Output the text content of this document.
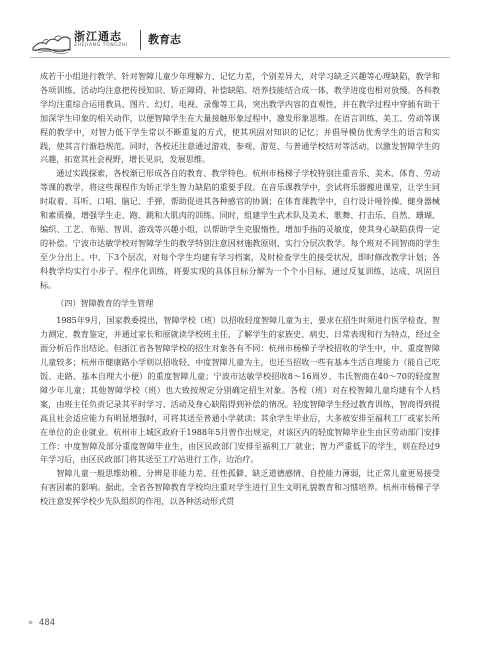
浙江通志
ZHEJIANG TONGZHI 教育志

成若干小组进行教学。针对智障儿童少年理解力、记忆力差，个别差异大，对学习缺乏兴趣等心理缺陷，教学和各项训练、活动均注意把传授知识、矫正障碍、补偿缺陷、培养技能结合成一体，教学进度也相对放慢。各科教学均注重综合运用教具、图片、幻灯、电视、录像等工具，突出教学内容的直观性，并在教学过程中穿插有助于加深学生印象的相关动作，以便智障学生在大量接触形象过程中，激发形象思维。在语言训练、美工、劳动等课程的教学中，对智力低下学生常以不断重复的方式，使其巩固对知识的记忆；并倡导模仿优秀学生的语言和实践，使其言行渐趋规范。同时，各校还注意通过游戏、参观、游览、与普通学校结对等活动，以激发智障学生的兴趣，拓宽其社会视野，增长见识，发展思维。

通过实践探索，各校渐已形成各自的教育、教学特色。杭州市杨梯子学校特别注重音乐、美术、体育、劳动等课的教学，将这些课程作为矫正学生智力缺陷的重要手段。在音乐课教学中，尝试将乐器搬进课堂，让学生同时取着、耳听、口唱、脑记、手弹，帮助促进其各种感官的协调；在体育课教学中，自行设计哑铃操、健身器械和素质操，增强学生走、跑、跳和大肌肉的训练。同时，组建学生武术队及美术、歌舞、打击乐、自然、珊瑚、编织、工艺、布贴、智训、游戏等兴趣小组，以帮助学生克服惰性，增加手指的灵敏度，使其身心缺陷获得一定的补偿。宁波市达敏学校对智障学生的教学特别注意因材施教原则，实行分层次教学。每个班对不同智商的学生至少分出上、中、下3个层次，对每个学生均建有学习档案，及时检查学生的接受状况，即时修改教学计划；各科教学均实行小步子、程序化训练，将要实现的具体目标分解为一个个小目标，通过反复训练，达成、巩固目标。

（四）智障教育的学生管理

1985年9月，国家教委提出，智障学校（班）以招收轻度智障儿童为主，要求在招生时须进行医学检查、智力测定、教育鉴定，并通过家长和原就读学校班主任，了解学生的家族史、病史、日常表现和行为特点，经过全面分析后作出结论。但浙江省各智障学校的招生对象各有不同：杭州市杨梯子学校招收的学生中，中、重度智障儿童较多；杭州市健康路小学则以招收轻、中度智障儿童为主，也还当招收一些有基本生活自理能力（能自己吃饭、走路、基本自理大小便）的重度智障儿童；宁波市达敏学校招收8～16周岁、韦氏智商在40～70的轻度智障少年儿童；其他智障学校（班）也大致按规定分别确定招生对象。各校（班）对在校智障儿童均建有个人档案，由班主任负责记录其平时学习、活动及身心缺陷得到补偿的情况。轻度智障学生经过教育训练，智商得到提高且社会适应能力有明显增强时，可将其送至普通小学就读；其余学生毕业后，大多被安排至福利工厂或家长所在单位的企业就业。杭州市上城区政府于1988年5月曾作出规定，对该区内的轻度智障毕业生由区劳动部门安排工作：中度智障及部分重度智障毕业生，由区民政部门安排至福利工厂就业；智力严重低下的学生，则在经过9年学习后，由区民政部门将其送至工疗站进行工作，边治疗。

智障儿童一般思维幼稚、分辨是非能力差、任性孤僻、缺乏道德感情、自控能力薄弱，比正常儿童更易接受有害因素的影响。据此，全省各智障教育学校均注重对学生进行卫生文明礼貌教育和习惯培养。杭州市杨梯子学校注意发挥学校少先队组织的作用，以各种活动形式贯

» 484
